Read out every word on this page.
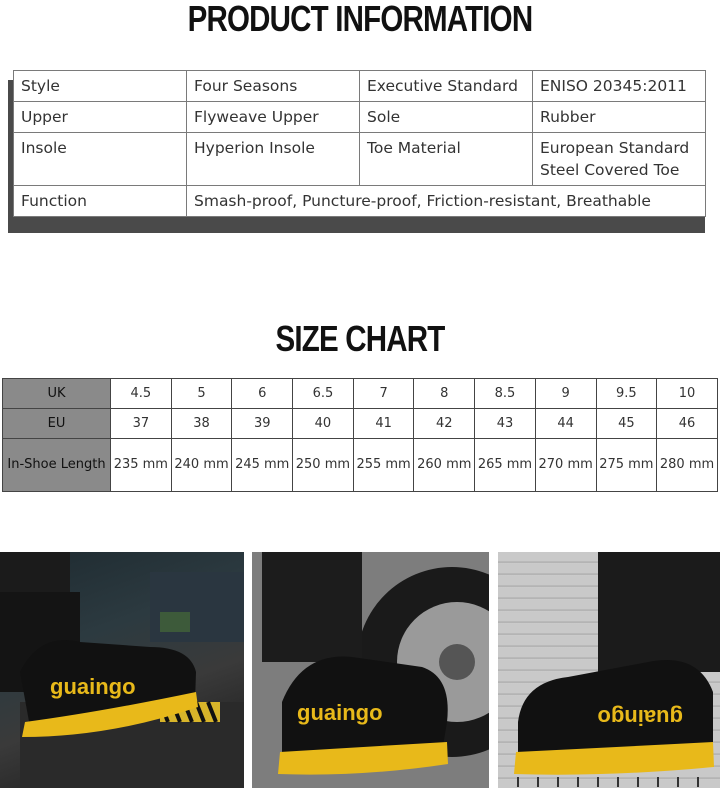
PRODUCT INFORMATION
Style	Four Seasons	Executive Standard	ENISO 20345:2011
Upper	Flyweave Upper	Sole	Rubber
Insole	Hyperion Insole	Toe Material	European Standard Steel Covered Toe
Function	Smash-proof, Puncture-proof, Friction-resistant, Breathable		
SIZE CHART
UK	4.5	5	6	6.5	7	8	8.5	9	9.5	10
EU	37	38	39	40	41	42	43	44	45	46
In-Shoe Length	235 mm	240 mm	245 mm	250 mm	255 mm	260 mm	265 mm	270 mm	275 mm	280 mm
guaingo
guaingo	guaingo
